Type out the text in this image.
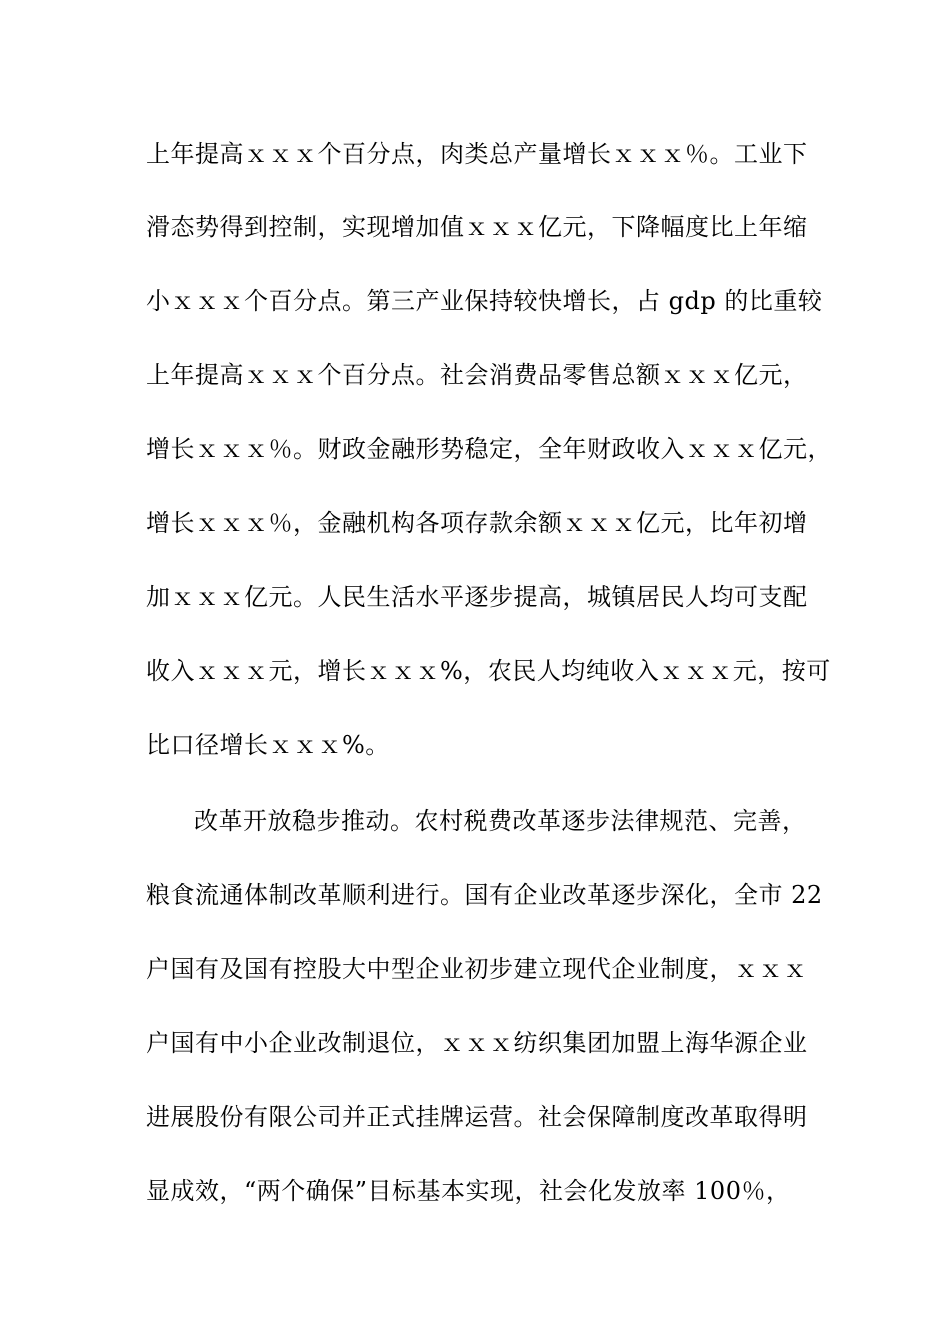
上年提高ｘｘｘ个百分点，肉类总产量增长ｘｘｘ％。工业下
滑态势得到控制，实现增加值ｘｘｘ亿元，下降幅度比上年缩
小ｘｘｘ个百分点。第三产业保持较快增长，占 gdp 的比重较
上年提高ｘｘｘ个百分点。社会消费品零售总额ｘｘｘ亿元，
增长ｘｘｘ％。财政金融形势稳定，全年财政收入ｘｘｘ亿元，
增长ｘｘｘ％，金融机构各项存款余额ｘｘｘ亿元，比年初增
加ｘｘｘ亿元。人民生活水平逐步提高，城镇居民人均可支配
收入ｘｘｘ元，增长ｘｘｘ%，农民人均纯收入ｘｘｘ元，按可
比口径增长ｘｘｘ%。
改革开放稳步推动。农村税费改革逐步法律规范、完善，
粮食流通体制改革顺利进行。国有企业改革逐步深化，全市 22
户国有及国有控股大中型企业初步建立现代企业制度，ｘｘｘ
户国有中小企业改制退位，ｘｘｘ纺织集团加盟上海华源企业
进展股份有限公司并正式挂牌运营。社会保障制度改革取得明
显成效，“两个确保”目标基本实现，社会化发放率 100％，
